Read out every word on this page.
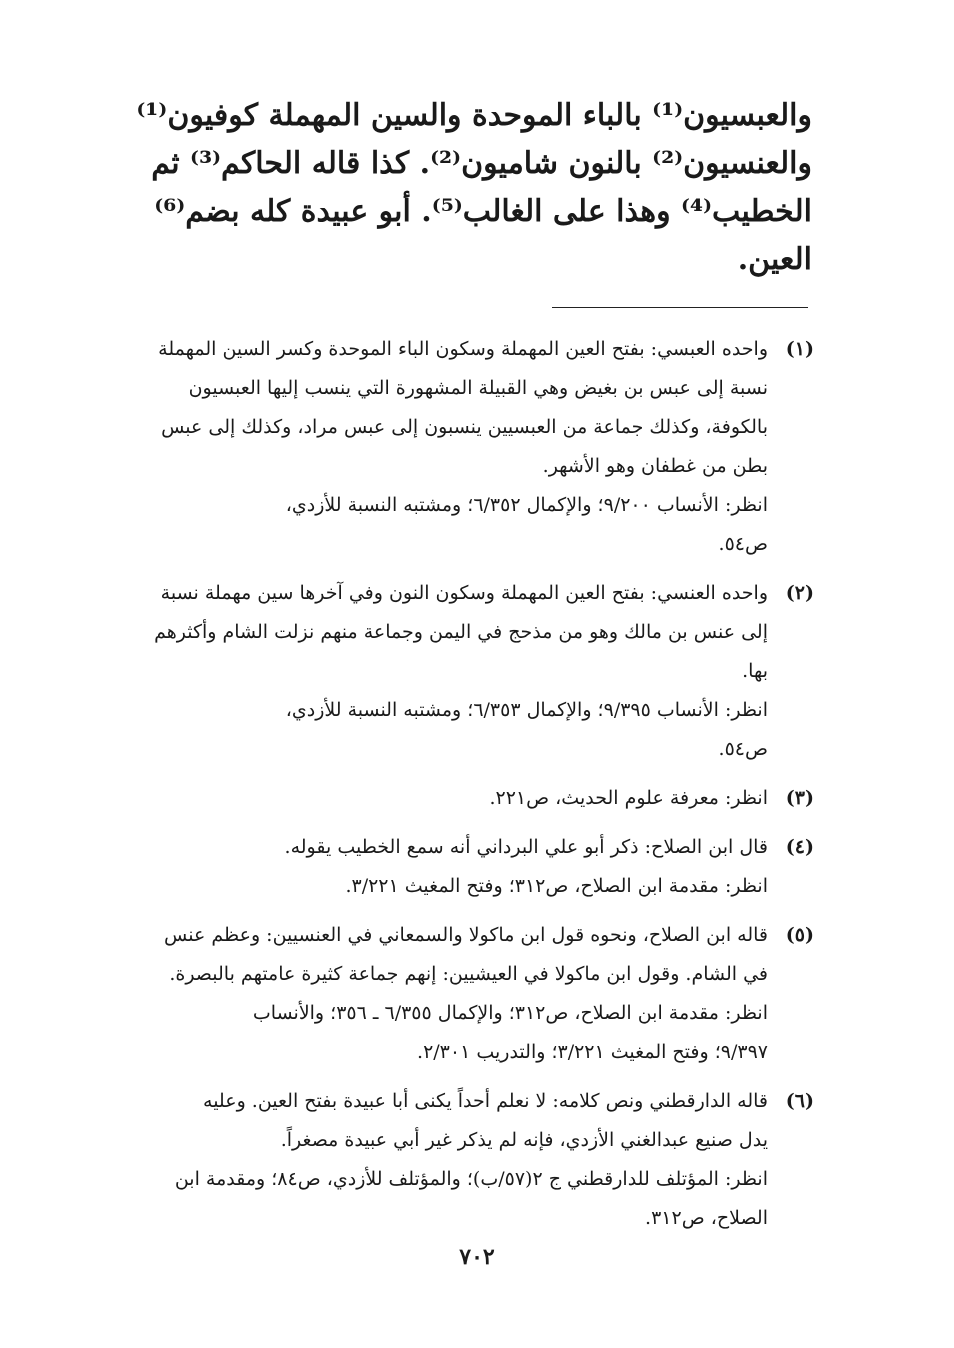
والعبسيون⁽¹⁾ بالباء الموحدة والسين المهملة كوفيون⁽¹⁾
والعنسيون⁽²⁾ بالنون شاميون⁽²⁾. كذا قاله الحاكم⁽³⁾ ثم
الخطيب⁽⁴⁾ وهذا على الغالب⁽⁵⁾. أبو عبيدة كله بضم⁽⁶⁾
العين.
(١)
واحده العبسي: بفتح العين المهملة وسكون الباء الموحدة وكسر السين المهملة
نسبة إلى عبس بن بغيض وهي القبيلة المشهورة التي ينسب إليها العبسيون
بالكوفة، وكذلك جماعة من العبسيين ينسبون إلى عبس مراد، وكذلك إلى عبس
بطن من غطفان وهو الأشهر.
انظر: الأنساب ٩/٢٠٠؛ والإكمال ٦/٣٥٢؛ ومشتبه النسبة للأزدي،
ص٥٤.
(٢)
واحده العنسي: بفتح العين المهملة وسكون النون وفي آخرها سين مهملة نسبة
إلى عنس بن مالك وهو من مذحج في اليمن وجماعة منهم نزلت الشام وأكثرهم
بها.
انظر: الأنساب ٩/٣٩٥؛ والإكمال ٦/٣٥٣؛ ومشتبه النسبة للأزدي،
ص٥٤.
(٣)
انظر: معرفة علوم الحديث، ص٢٢١.
(٤)
قال ابن الصلاح: ذكر أبو علي البرداني أنه سمع الخطيب يقوله.
انظر: مقدمة ابن الصلاح، ص٣١٢؛ وفتح المغيث ٣/٢٢١.
(٥)
قاله ابن الصلاح، ونحوه قول ابن ماكولا والسمعاني في العنسيين: وعظم عنس
في الشام. وقول ابن ماكولا في العيشيين: إنهم جماعة كثيرة عامتهم بالبصرة.
انظر: مقدمة ابن الصلاح، ص٣١٢؛ والإكمال ٦/٣٥٥ ـ ٣٥٦؛ والأنساب
٩/٣٩٧؛ وفتح المغيث ٣/٢٢١؛ والتدريب ٢/٣٠١.
(٦)
قاله الدارقطني ونص كلامه: لا نعلم أحداً يكنى أبا عبيدة بفتح العين. وعليه
يدل صنيع عبدالغني الأزدي، فإنه لم يذكر غير أبي عبيدة مصغراً.
انظر: المؤتلف للدارقطني ج ٢(٥٧/ب)؛ والمؤتلف للأزدي، ص٨٤؛ ومقدمة ابن
الصلاح، ص٣١٢.
٧٠٢
